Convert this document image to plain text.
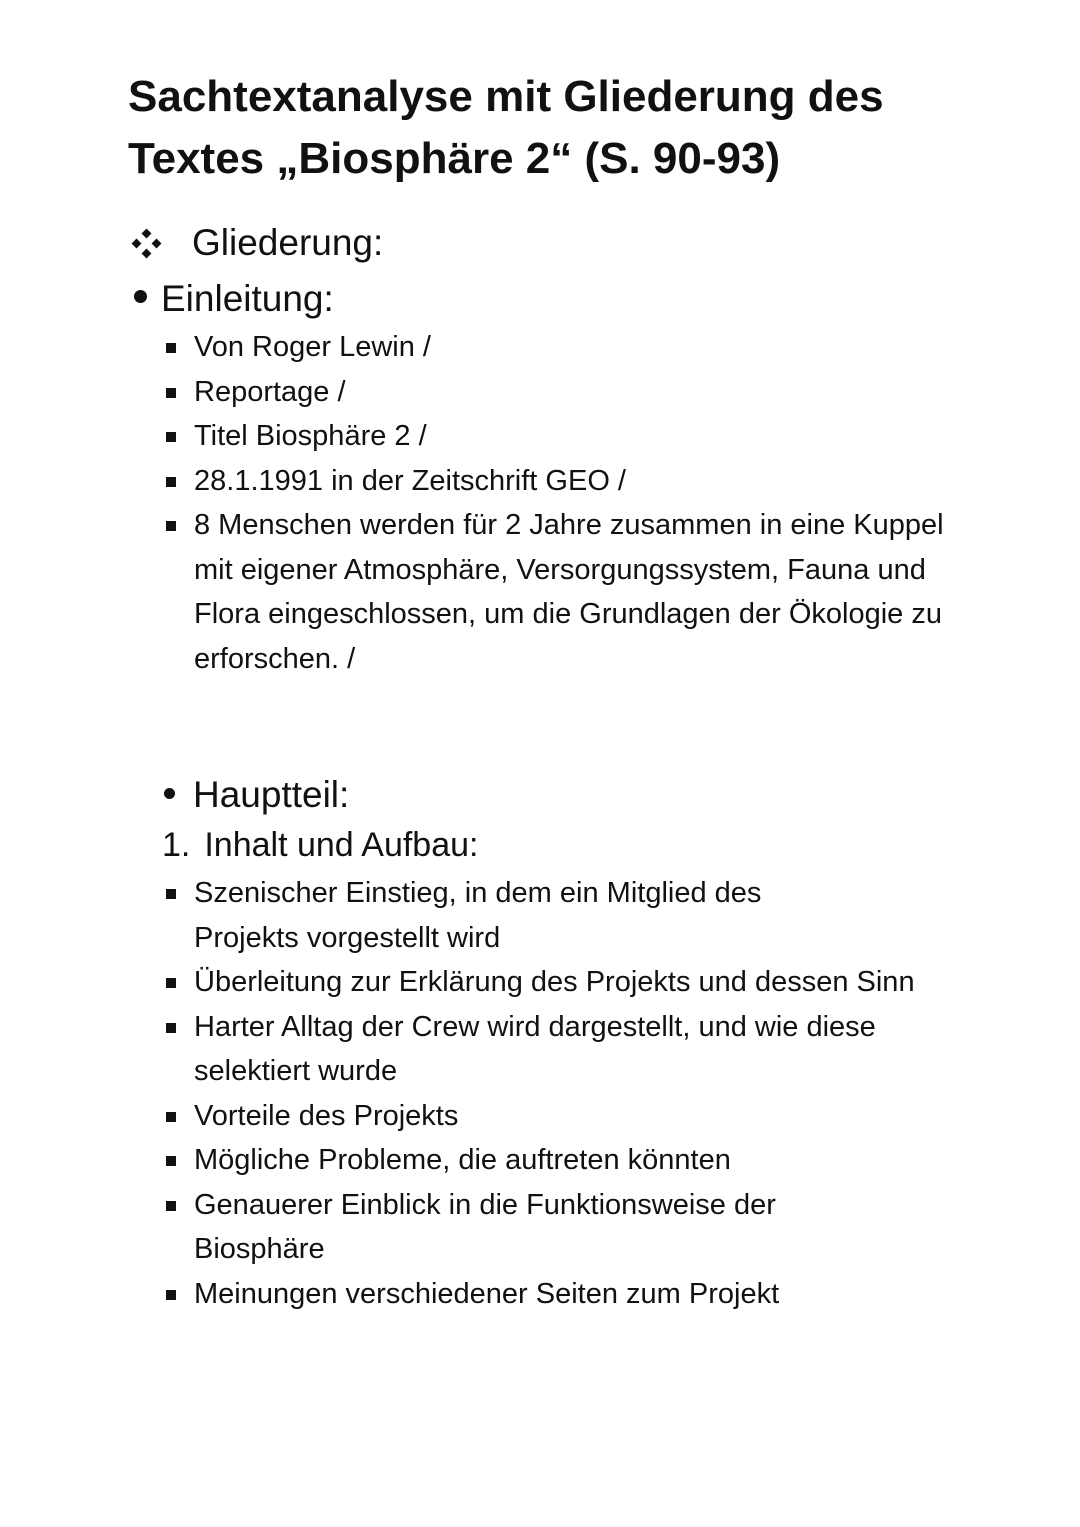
Sachtextanalyse mit Gliederung des Textes „Biosphäre 2“ (S. 90-93)
Gliederung:
Einleitung:
Von Roger Lewin /
Reportage /
Titel Biosphäre 2 /
28.1.1991 in der Zeitschrift GEO /
8 Menschen werden für 2 Jahre zusammen in eine Kuppel mit eigener Atmosphäre, Versorgungssystem, Fauna und Flora eingeschlossen, um die Grundlagen der Ökologie zu erforschen. /
Hauptteil:
1. Inhalt und Aufbau:
Szenischer Einstieg, in dem ein Mitglied des Projekts vorgestellt wird
Überleitung zur Erklärung des Projekts und dessen Sinn
Harter Alltag der Crew wird dargestellt, und wie diese selektiert wurde
Vorteile des Projekts
Mögliche Probleme, die auftreten könnten
Genauerer Einblick in die Funktionsweise der Biosphäre
Meinungen verschiedener Seiten zum Projekt
